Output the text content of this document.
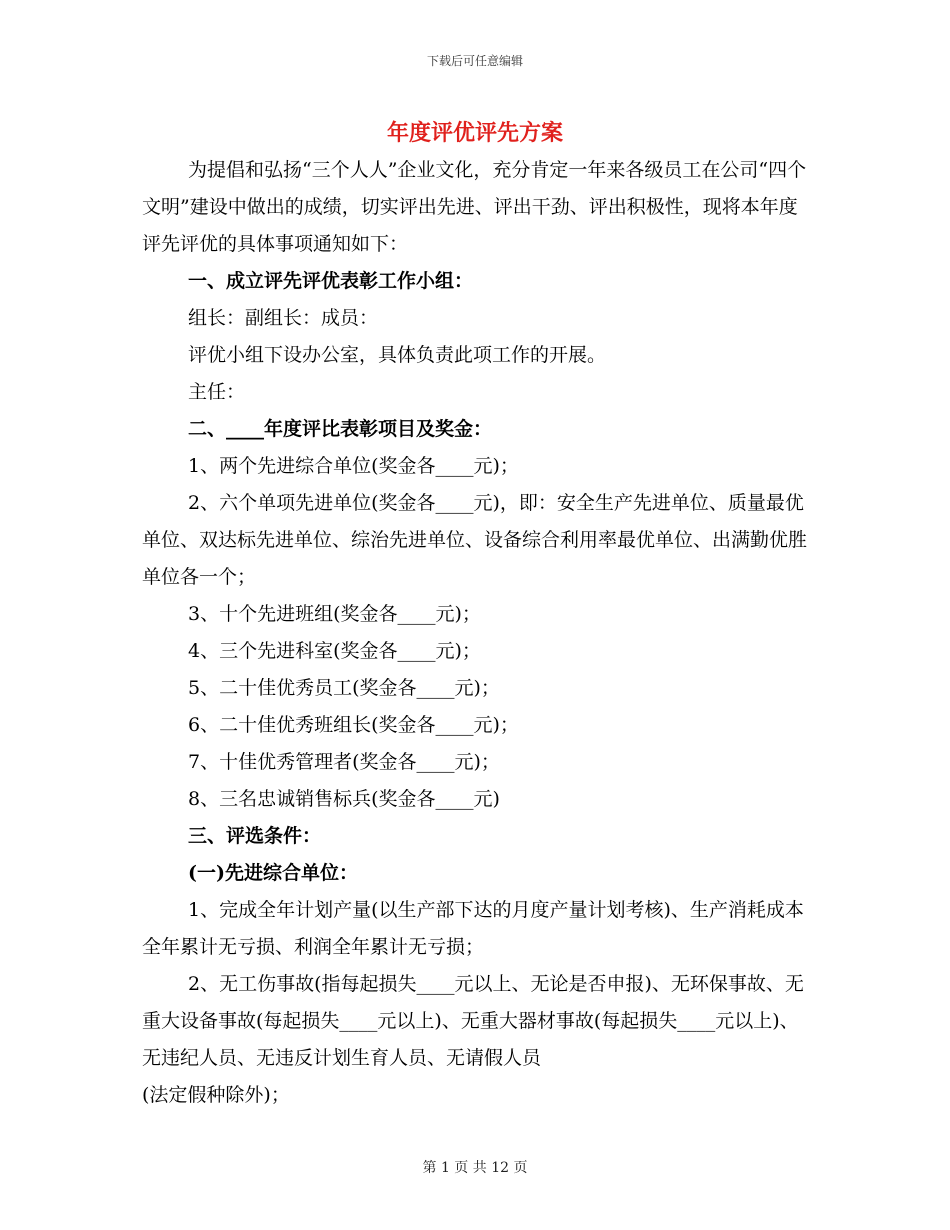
下载后可任意编辑
年度评优评先方案

为提倡和弘扬“三个人人”企业文化，充分肯定一年来各级员工在公司“四个文明”建设中做出的成绩，切实评出先进、评出干劲、评出积极性，现将本年度评先评优的具体事项通知如下：

一、成立评先评优表彰工作小组：

组长：副组长：成员：

评优小组下设办公室，具体负责此项工作的开展。

主任：

二、____年度评比表彰项目及奖金：

1、两个先进综合单位(奖金各____元)；

2、六个单项先进单位(奖金各____元)，即：安全生产先进单位、质量最优单位、双达标先进单位、综治先进单位、设备综合利用率最优单位、出满勤优胜单位各一个；

3、十个先进班组(奖金各____元)；

4、三个先进科室(奖金各____元)；

5、二十佳优秀员工(奖金各____元)；

6、二十佳优秀班组长(奖金各____元)；

7、十佳优秀管理者(奖金各____元)；

8、三名忠诚销售标兵(奖金各____元)

三、评选条件：

(一)先进综合单位：

1、完成全年计划产量(以生产部下达的月度产量计划考核)、生产消耗成本全年累计无亏损、利润全年累计无亏损；

2、无工伤事故(指每起损失____元以上、无论是否申报)、无环保事故、无重大设备事故(每起损失____元以上)、无重大器材事故(每起损失____元以上)、无违纪人员、无违反计划生育人员、无请假人员

(法定假种除外)；

第 1 页 共 12 页
